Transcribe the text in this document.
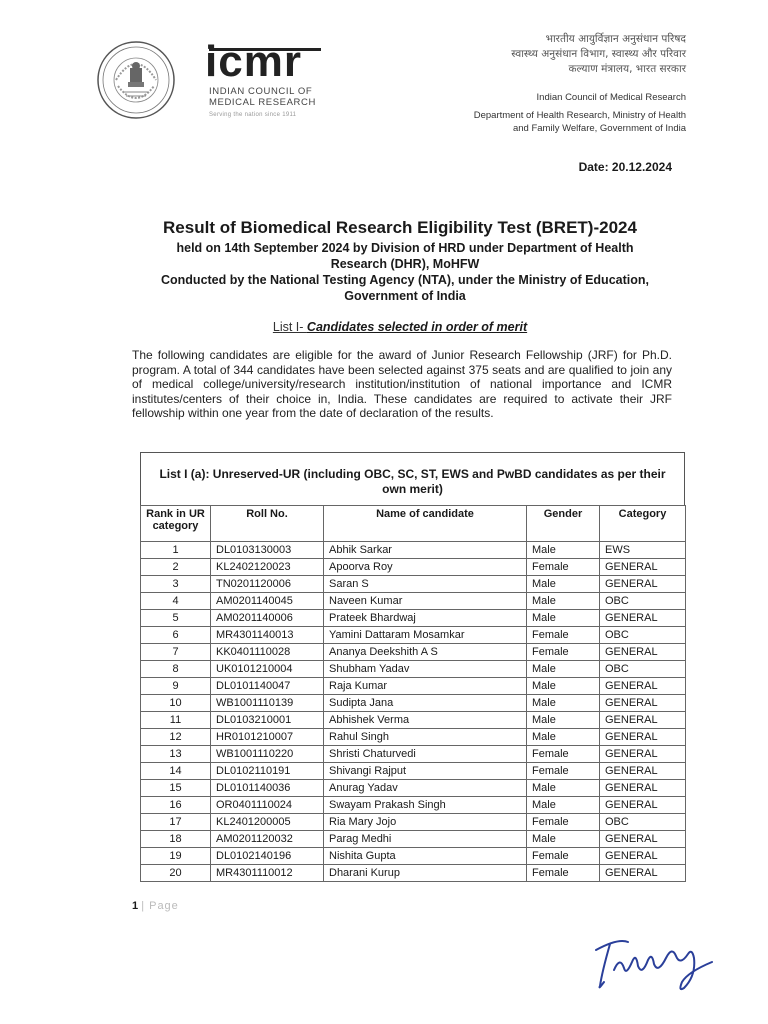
icmr
INDIAN COUNCIL OF
MEDICAL RESEARCH
Serving the nation since 1911
भारतीय आयुर्विज्ञान अनुसंधान परिषद
स्वास्थ्य अनुसंधान विभाग, स्वास्थ्य और परिवार
कल्याण मंत्रालय, भारत सरकार
Indian Council of Medical Research
Department of Health Research, Ministry of Health
and Family Welfare, Government of India
Date: 20.12.2024
Result of Biomedical Research Eligibility Test (BRET)-2024
held on 14th September 2024 by Division of HRD under Department of Health Research (DHR), MoHFW
Conducted by the National Testing Agency (NTA), under the Ministry of Education, Government of India
List I- Candidates selected in order of merit
The following candidates are eligible for the award of Junior Research Fellowship (JRF) for Ph.D. program. A total of 344 candidates have been selected against 375 seats and are qualified to join any of medical college/university/research institution/institution of national importance and ICMR institutes/centers of their choice in, India. These candidates are required to activate their JRF fellowship within one year from the date of declaration of the results.
List I (a): Unreserved-UR (including OBC, SC, ST, EWS and PwBD candidates as per their own merit)
Rank in UR category	Roll No.	Name of candidate	Gender	Category
1	DL0103130003	Abhik Sarkar	Male	EWS
2	KL2402120023	Apoorva Roy	Female	GENERAL
3	TN0201120006	Saran S	Male	GENERAL
4	AM0201140045	Naveen Kumar	Male	OBC
5	AM0201140006	Prateek Bhardwaj	Male	GENERAL
6	MR4301140013	Yamini Dattaram Mosamkar	Female	OBC
7	KK0401110028	Ananya Deekshith A S	Female	GENERAL
8	UK0101210004	Shubham Yadav	Male	OBC
9	DL0101140047	Raja Kumar	Male	GENERAL
10	WB1001110139	Sudipta Jana	Male	GENERAL
11	DL0103210001	Abhishek Verma	Male	GENERAL
12	HR0101210007	Rahul Singh	Male	GENERAL
13	WB1001110220	Shristi Chaturvedi	Female	GENERAL
14	DL0102110191	Shivangi Rajput	Female	GENERAL
15	DL0101140036	Anurag Yadav	Male	GENERAL
16	OR0401110024	Swayam Prakash Singh	Male	GENERAL
17	KL2401200005	Ria Mary Jojo	Female	OBC
18	AM0201120032	Parag Medhi	Male	GENERAL
19	DL0102140196	Nishita Gupta	Female	GENERAL
20	MR4301110012	Dharani Kurup	Female	GENERAL
1 | Page
